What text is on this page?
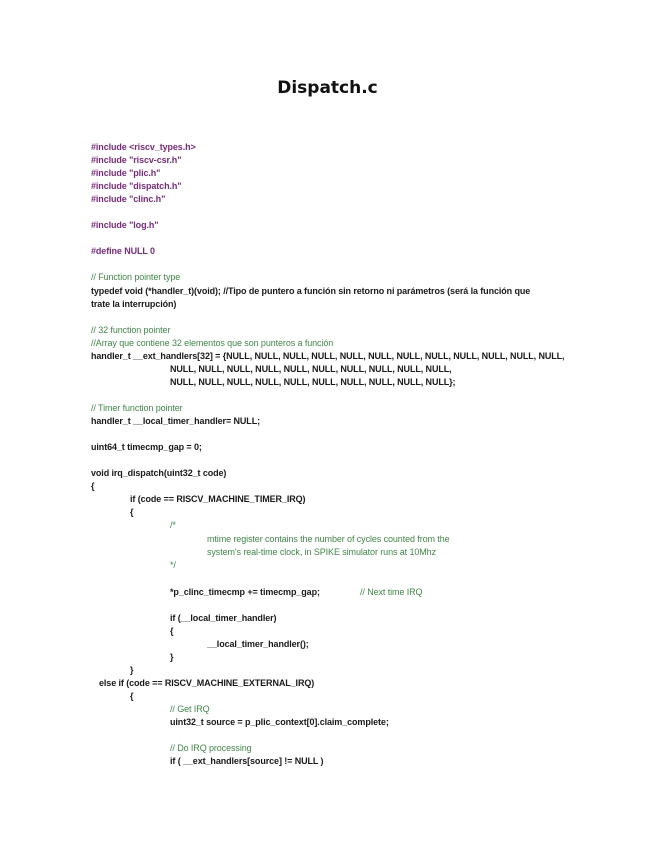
Dispatch.c
#include <riscv_types.h>
#include "riscv-csr.h"
#include "plic.h"
#include "dispatch.h"
#include "clinc.h"
#include "log.h"
#define NULL 0
// Function pointer type
typedef void (*handler_t)(void); //Tipo de puntero a función sin retorno ni parámetros (será la función que
trate la interrupción)
// 32 function pointer
//Array que contiene 32 elementos que son punteros a función
handler_t __ext_handlers[32] = {NULL, NULL, NULL, NULL, NULL, NULL, NULL, NULL, NULL, NULL, NULL, NULL,
NULL, NULL, NULL, NULL, NULL, NULL, NULL, NULL, NULL, NULL,
NULL, NULL, NULL, NULL, NULL, NULL, NULL, NULL, NULL, NULL};
// Timer function pointer
handler_t __local_timer_handler= NULL;
uint64_t timecmp_gap = 0;
void irq_dispatch(uint32_t code)
{
if (code == RISCV_MACHINE_TIMER_IRQ)
{
/*
mtime register contains the number of cycles counted from the
system's real-time clock, in SPIKE simulator runs at 10Mhz
*/
*p_clinc_timecmp += timecmp_gap;	// Next time IRQ
if (__local_timer_handler)
{
__local_timer_handler();
}
}
else if (code == RISCV_MACHINE_EXTERNAL_IRQ)
{
// Get IRQ
uint32_t source = p_plic_context[0].claim_complete;
// Do IRQ processing
if ( __ext_handlers[source] != NULL )
